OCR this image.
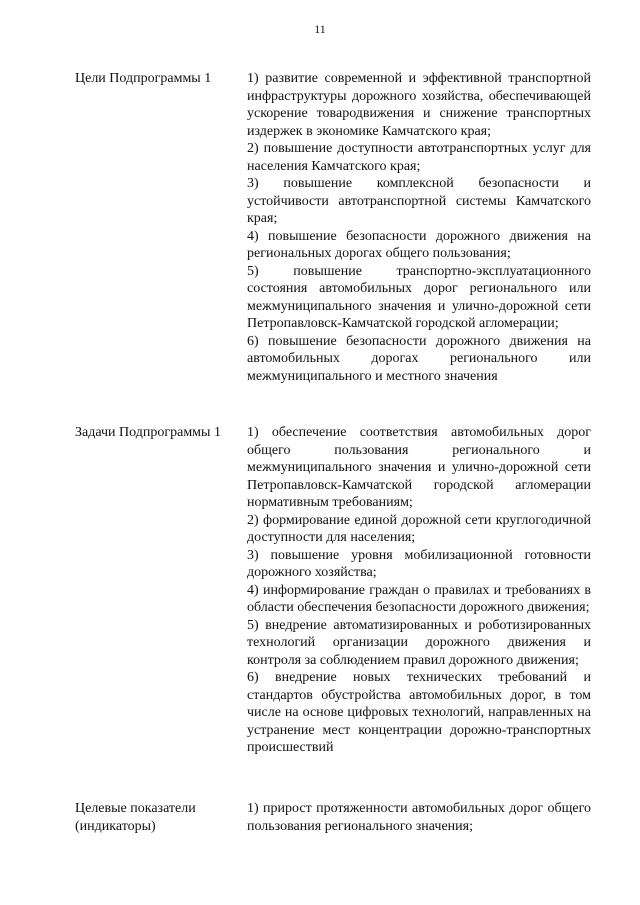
11
Цели Подпрограммы 1	1) развитие современной и эффективной транспортной инфраструктуры дорожного хозяйства, обеспечивающей ускорение товародвижения и снижение транспортных издержек в экономике Камчатского края;

2) повышение доступности автотранспортных услуг для населения Камчатского края;

3) повышение комплексной безопасности и устойчивости автотранспортной системы Камчатского края;

4) повышение безопасности дорожного движения на региональных дорогах общего пользования;

5) повышение транспортно-эксплуатационного состояния автомобильных дорог регионального или межмуниципального значения и улично-дорожной сети Петропавловск-Камчатской городской агломерации;

6) повышение безопасности дорожного движения на автомобильных дорогах регионального или межмуниципального и местного значения

Задачи Подпрограммы 1	1) обеспечение соответствия автомобильных дорог общего пользования регионального и межмуниципального значения и улично-дорожной сети Петропавловск-Камчатской городской агломерации нормативным требованиям;

2) формирование единой дорожной сети круглогодичной доступности для населения;

3) повышение уровня мобилизационной готовности дорожного хозяйства;

4) информирование граждан о правилах и требованиях в области обеспечения безопасности дорожного движения;

5) внедрение автоматизированных и роботизированных технологий организации дорожного движения и контроля за соблюдением правил дорожного движения;

6) внедрение новых технических требований и стандартов обустройства автомобильных дорог, в том числе на основе цифровых технологий, направленных на устранение мест концентрации дорожно-транспортных происшествий

Целевые показатели (индикаторы)

1) прирост протяженности автомобильных дорог общего пользования регионального значения;
